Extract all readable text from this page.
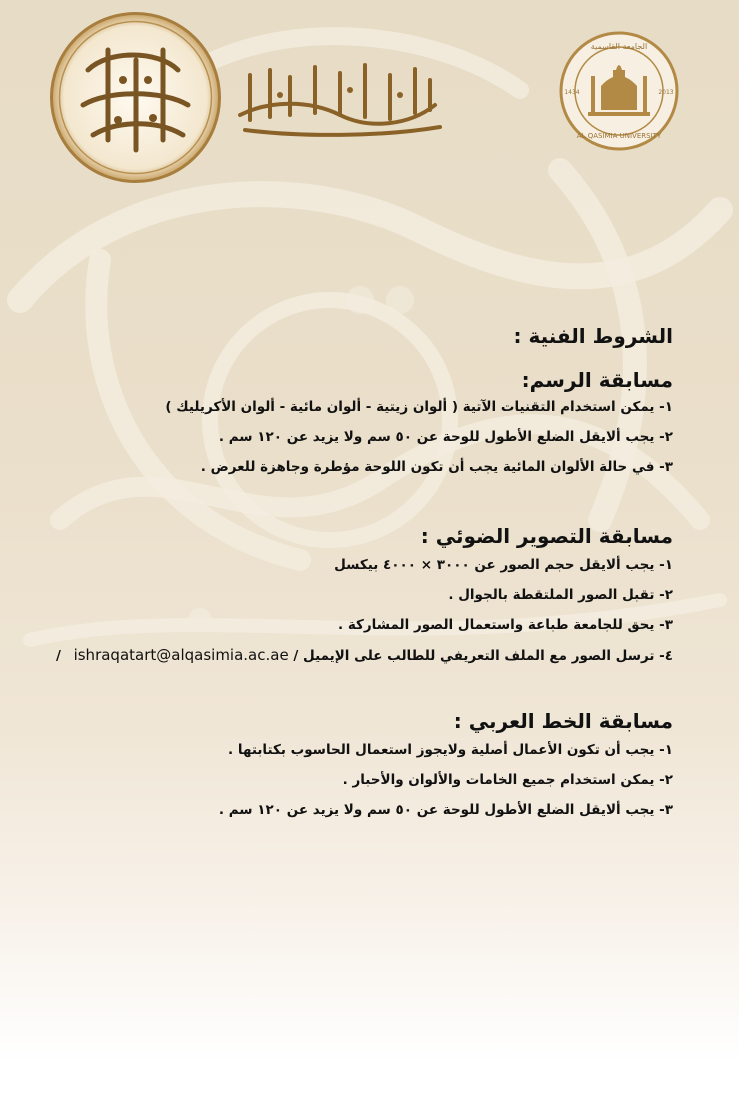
AL QASIMIA UNIVERSITY
الجامعة القاسمية
1434	2013

الشروط الفنية :

مسابقة الرسم:

١- يمكن استخدام التقنيات الآتية ( ألوان زيتية - ألوان مائية - ألوان الأكريليك )

٢- يجب ألايقل الضلع الأطول للوحة عن ٥٠ سم ولا يزيد عن ١٢٠ سم .

٣- في حالة الألوان المائية يجب أن تكون اللوحة مؤطرة وجاهزة للعرض .

مسابقة التصوير الضوئي :

١- يجب ألايقل حجم الصور عن ٣٠٠٠ × ٤٠٠٠ بيكسل

٢- تقبل الصور الملتقطة بالجوال .

٣- يحق للجامعة طباعة واستعمال الصور المشاركة .

٤- ترسل الصور مع الملف التعريفي للطالب على الإيميل / ishraqatart@alqasimia.ac.ae /

مسابقة الخط العربي :

١- يجب أن تكون الأعمال أصلية ولايجوز استعمال الحاسوب بكتابتها .

٢- يمكن استخدام جميع الخامات والألوان والأحبار .

٣- يجب ألايقل الضلع الأطول للوحة عن ٥٠ سم ولا يزيد عن ١٢٠ سم .
